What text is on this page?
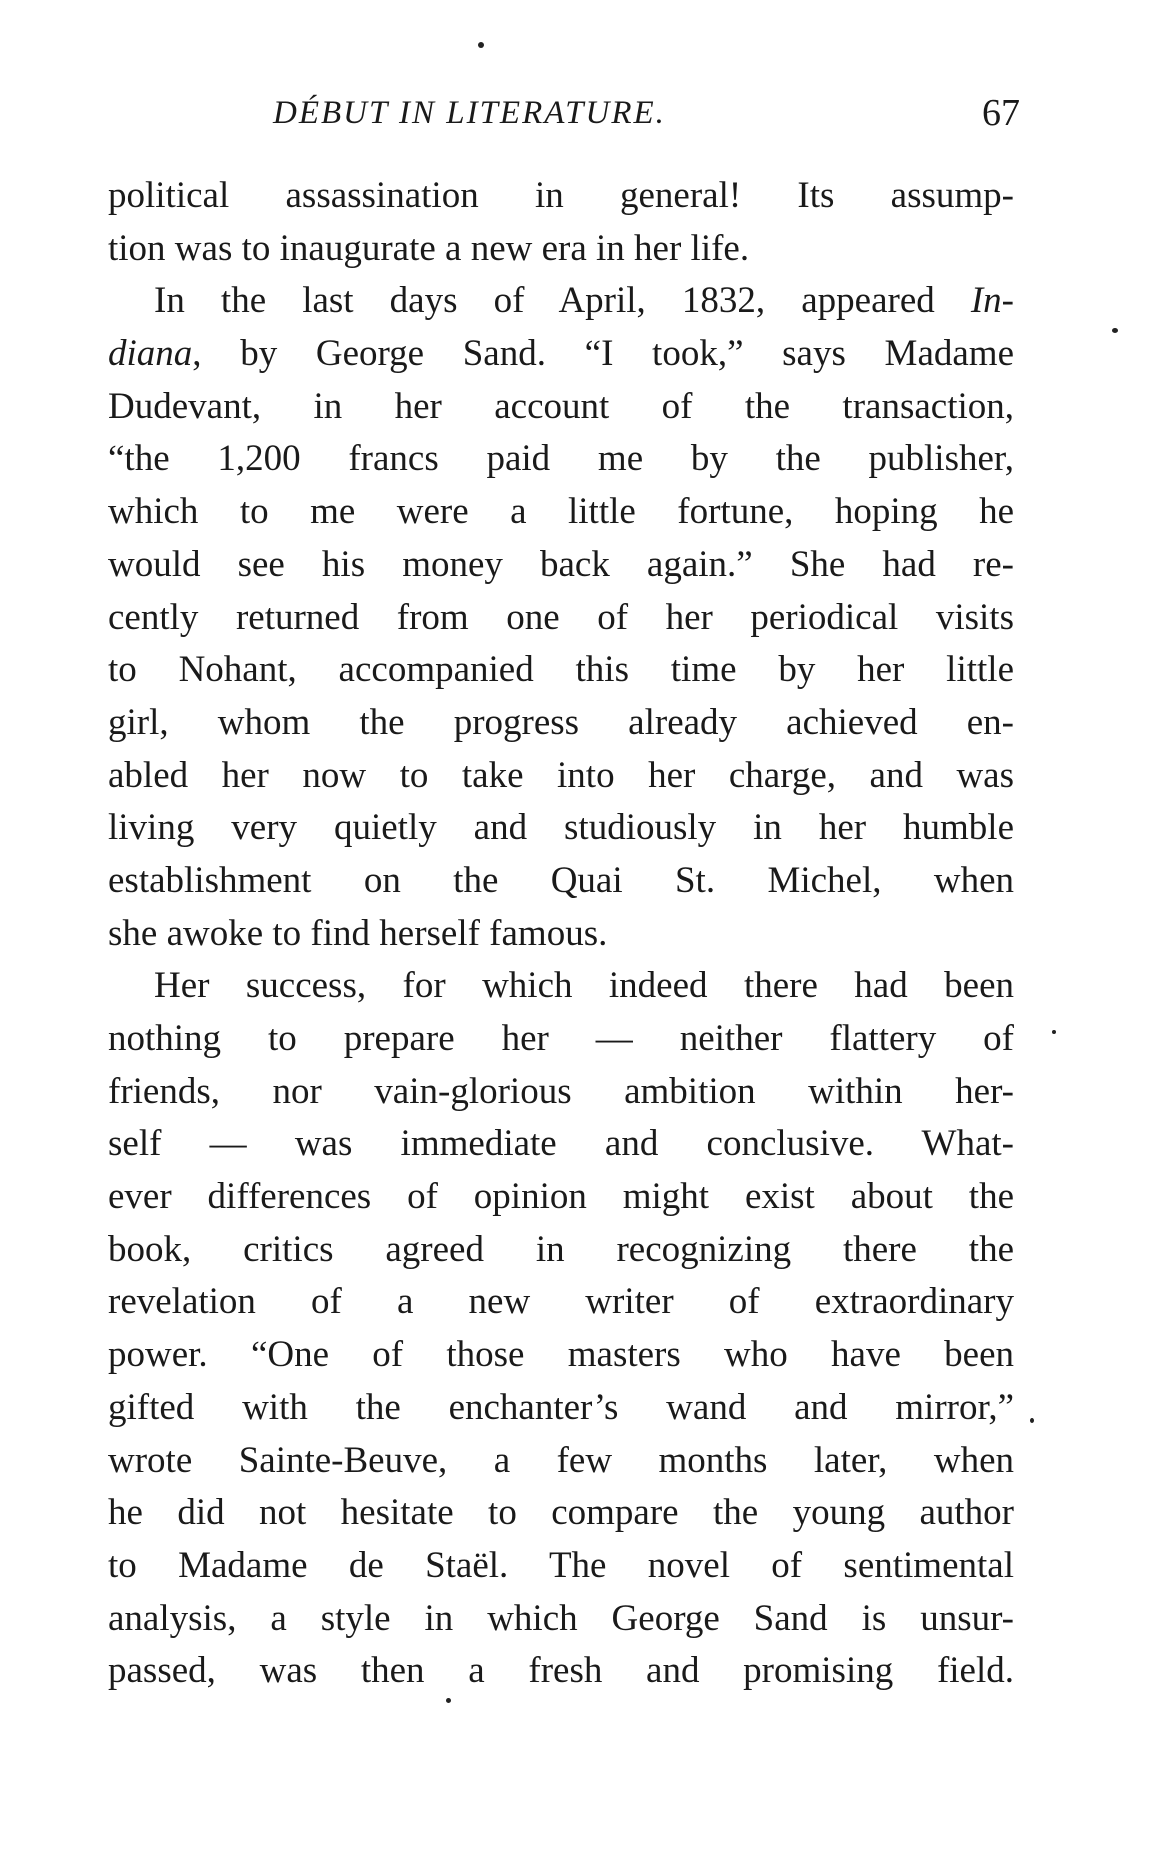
DÉBUT IN LITERATURE.	67
political assassination in general! Its assump-
tion was to inaugurate a new era in her life.
In the last days of April, 1832, appeared In-
diana, by George Sand. “I took,” says Madame
Dudevant, in her account of the transaction,
“the 1,200 francs paid me by the publisher,
which to me were a little fortune, hoping he
would see his money back again.” She had re-
cently returned from one of her periodical visits
to Nohant, accompanied this time by her little
girl, whom the progress already achieved en-
abled her now to take into her charge, and was
living very quietly and studiously in her humble
establishment on the Quai St. Michel, when
she awoke to find herself famous.
Her success, for which indeed there had been
nothing to prepare her — neither flattery of
friends, nor vain-glorious ambition within her-
self — was immediate and conclusive. What-
ever differences of opinion might exist about the
book, critics agreed in recognizing there the
revelation of a new writer of extraordinary
power. “One of those masters who have been
gifted with the enchanter’s wand and mirror,”
wrote Sainte-Beuve, a few months later, when
he did not hesitate to compare the young author
to Madame de Staël. The novel of sentimental
analysis, a style in which George Sand is unsur-
passed, was then a fresh and promising field.
